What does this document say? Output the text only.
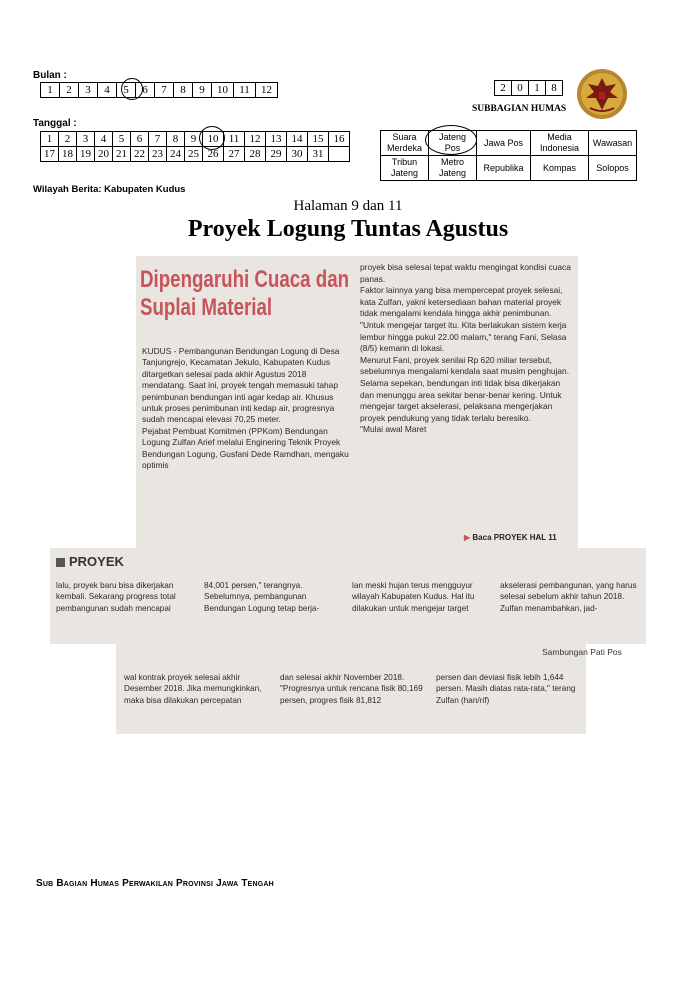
Bulan :
1	2	3	4	5	6	7	8	9	10	11	12
Tanggal :
1	2	3	4	5	6	7	8	9	10	11	12	13	14	15	16
17	18	19	20	21	22	23	24	25	26	27	28	29	30	31	
2	0	1	8
SUBBAGIAN HUMAS
Suara Merdeka	Jateng Pos	Jawa Pos	Media Indonesia	Wawasan
Tribun Jateng	Metro Jateng	Republika	Kompas	Solopos
Wilayah Berita: Kabupaten Kudus
Halaman 9 dan 11
Proyek Logung Tuntas Agustus
Dipengaruhi Cuaca dan
Suplai Material
KUDUS - Pembangunan Bendungan Logung di Desa Tanjungrejo, Kecamatan Jekulo, Kabupaten Kudus ditargetkan selesai pada akhir Agustus 2018 mendatang. Saat ini, proyek tengah memasuki tahap penimbunan bendungan inti agar kedap air. Khusus untuk proses penimbunan inti kedap air, progresnya sudah mencapai elevasi 70,25 meter.
Pejabat Pembuat Komitmen (PPKom) Bendungan Logung Zulfan Arief melalui Enginering Teknik Proyek Bendungan Logung, Gusfani Dede Ramdhan, mengaku optimis
proyek bisa selesai tepat waktu mengingat kondisi cuaca panas.
Faktor lainnya yang bisa mempercepat proyek selesai, kata Zulfan, yakni ketersediaan bahan material proyek tidak mengalami kendala hingga akhir penimbunan.
"Untuk mengejar target itu. Kita berlakukan sistem kerja lembur hingga pukul 22.00 malam," terang Fani, Selasa (8/5) kemarin di lokasi.
Menurut Fani, proyek senilai Rp 620 miliar tersebut, sebelumnya mengalami kendala saat musim penghujan. Selama sepekan, bendungan inti tidak bisa dikerjakan dan menunggu area sekitar benar-benar kering. Untuk mengejar target akselerasi, pelaksana mengerjakan proyek pendukung yang tidak terlalu beresiko.
"Mulai awal Maret
▶ Baca PROYEK HAL 11
PROYEK
lalu, proyek baru bisa dikerjakan kembali. Sekarang progress total pembangunan sudah mencapai
84,001 persen," terangnya.
Sebelumnya, pembangunan Bendungan Logung tetap berja-
lan meski hujan terus mengguyur wilayah Kabupaten Kudus. Hal itu dilakukan untuk mengejar target
akselerasi pembangunan, yang harus selesai sebelum akhir tahun 2018.
Zulfan menambahkan, jad-
Sambungan Pati Pos
wal kontrak proyek selesai akhir Desember 2018. Jika memungkinkan, maka bisa dilakukan percepatan
dan selesai akhir November 2018.
"Progresnya untuk rencana fisik 80,169 persen, progres fisik 81,812
persen dan deviasi fisik lebih 1,644 persen. Masih diatas rata-rata," terang Zulfan (han/rif)
Sub Bagian Humas Perwakilan Provinsi Jawa Tengah
